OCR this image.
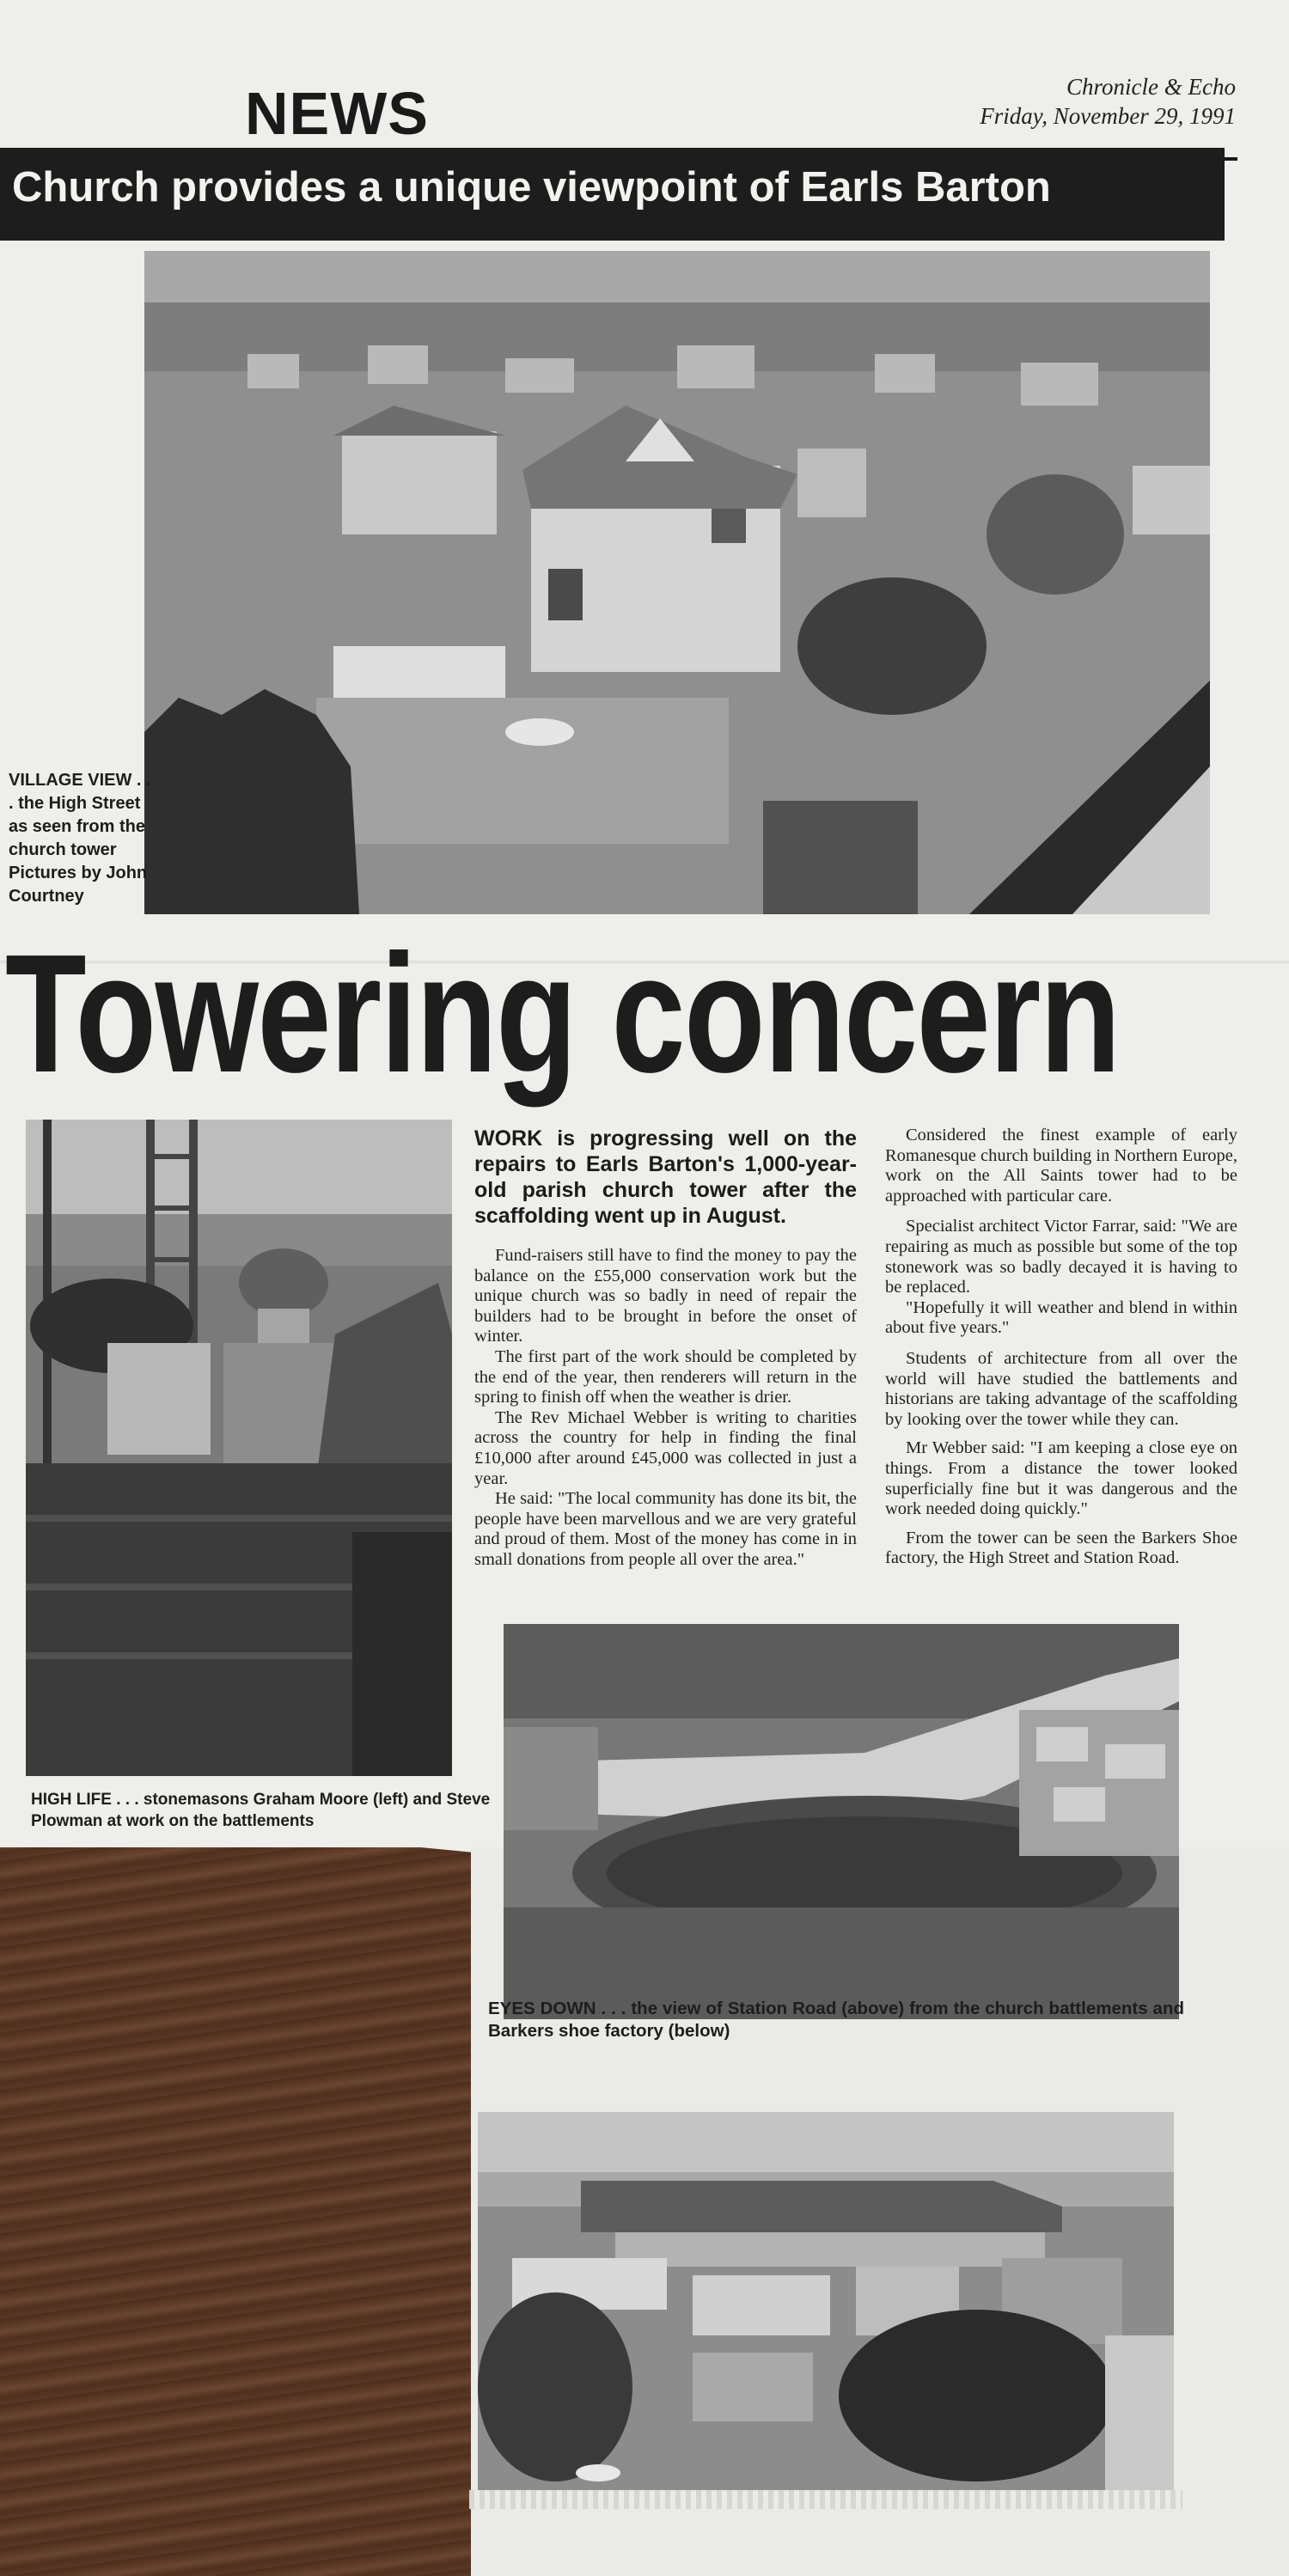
NEWS	Chronicle & Echo
Friday, November 29, 1991
Church provides a unique viewpoint of Earls Barton
VILLAGE VIEW . . . the High Street as seen from the church tower
Pictures by John Courtney
Towering concern
HIGH LIFE . . . stonemasons Graham Moore (left) and Steve Plowman at work on the battlements

WORK is progressing well on the repairs to Earls Barton's 1,000-year-old parish church tower after the scaffolding went up in August.

Fund-raisers still have to find the money to pay the balance on the £55,000 conservation work but the unique church was so badly in need of repair the builders had to be brought in before the onset of winter.

The first part of the work should be completed by the end of the year, then renderers will return in the spring to finish off when the weather is drier.

The Rev Michael Webber is writing to charities across the country for help in finding the final £10,000 after around £45,000 was collected in just a year.

He said: "The local community has done its bit, the people have been marvellous and we are very grateful and proud of them. Most of the money has come in in small donations from people all over the area."

Considered the finest example of early Romanesque church building in Northern Europe, work on the All Saints tower had to be approached with particular care.

Specialist architect Victor Farrar, said: "We are repairing as much as possible but some of the top stonework was so badly decayed it is having to be replaced.

"Hopefully it will weather and blend in within about five years."

Students of architecture from all over the world will have studied the battlements and historians are taking advantage of the scaffolding by looking over the tower while they can.

Mr Webber said: "I am keeping a close eye on things. From a distance the tower looked superficially fine but it was dangerous and the work needed doing quickly."

From the tower can be seen the Barkers Shoe factory, the High Street and Station Road.

EYES DOWN . . . the view of Station Road (above) from the church battlements and Barkers shoe factory (below)
